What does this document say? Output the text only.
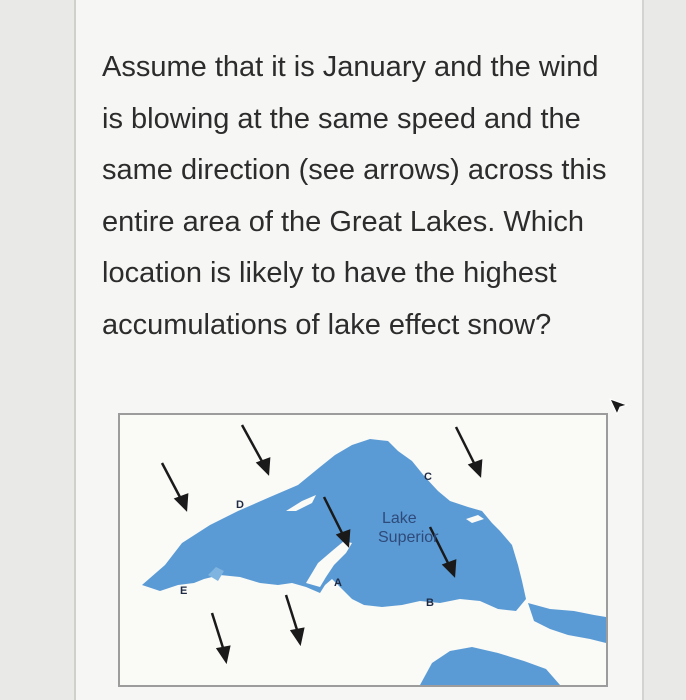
Assume that it is January and the wind is blowing at the same speed and the same direction (see arrows) across this entire area of the Great Lakes. Which location is likely to have the highest accumulations of lake effect snow?

D
C
A
B
E
Lake
Superior
